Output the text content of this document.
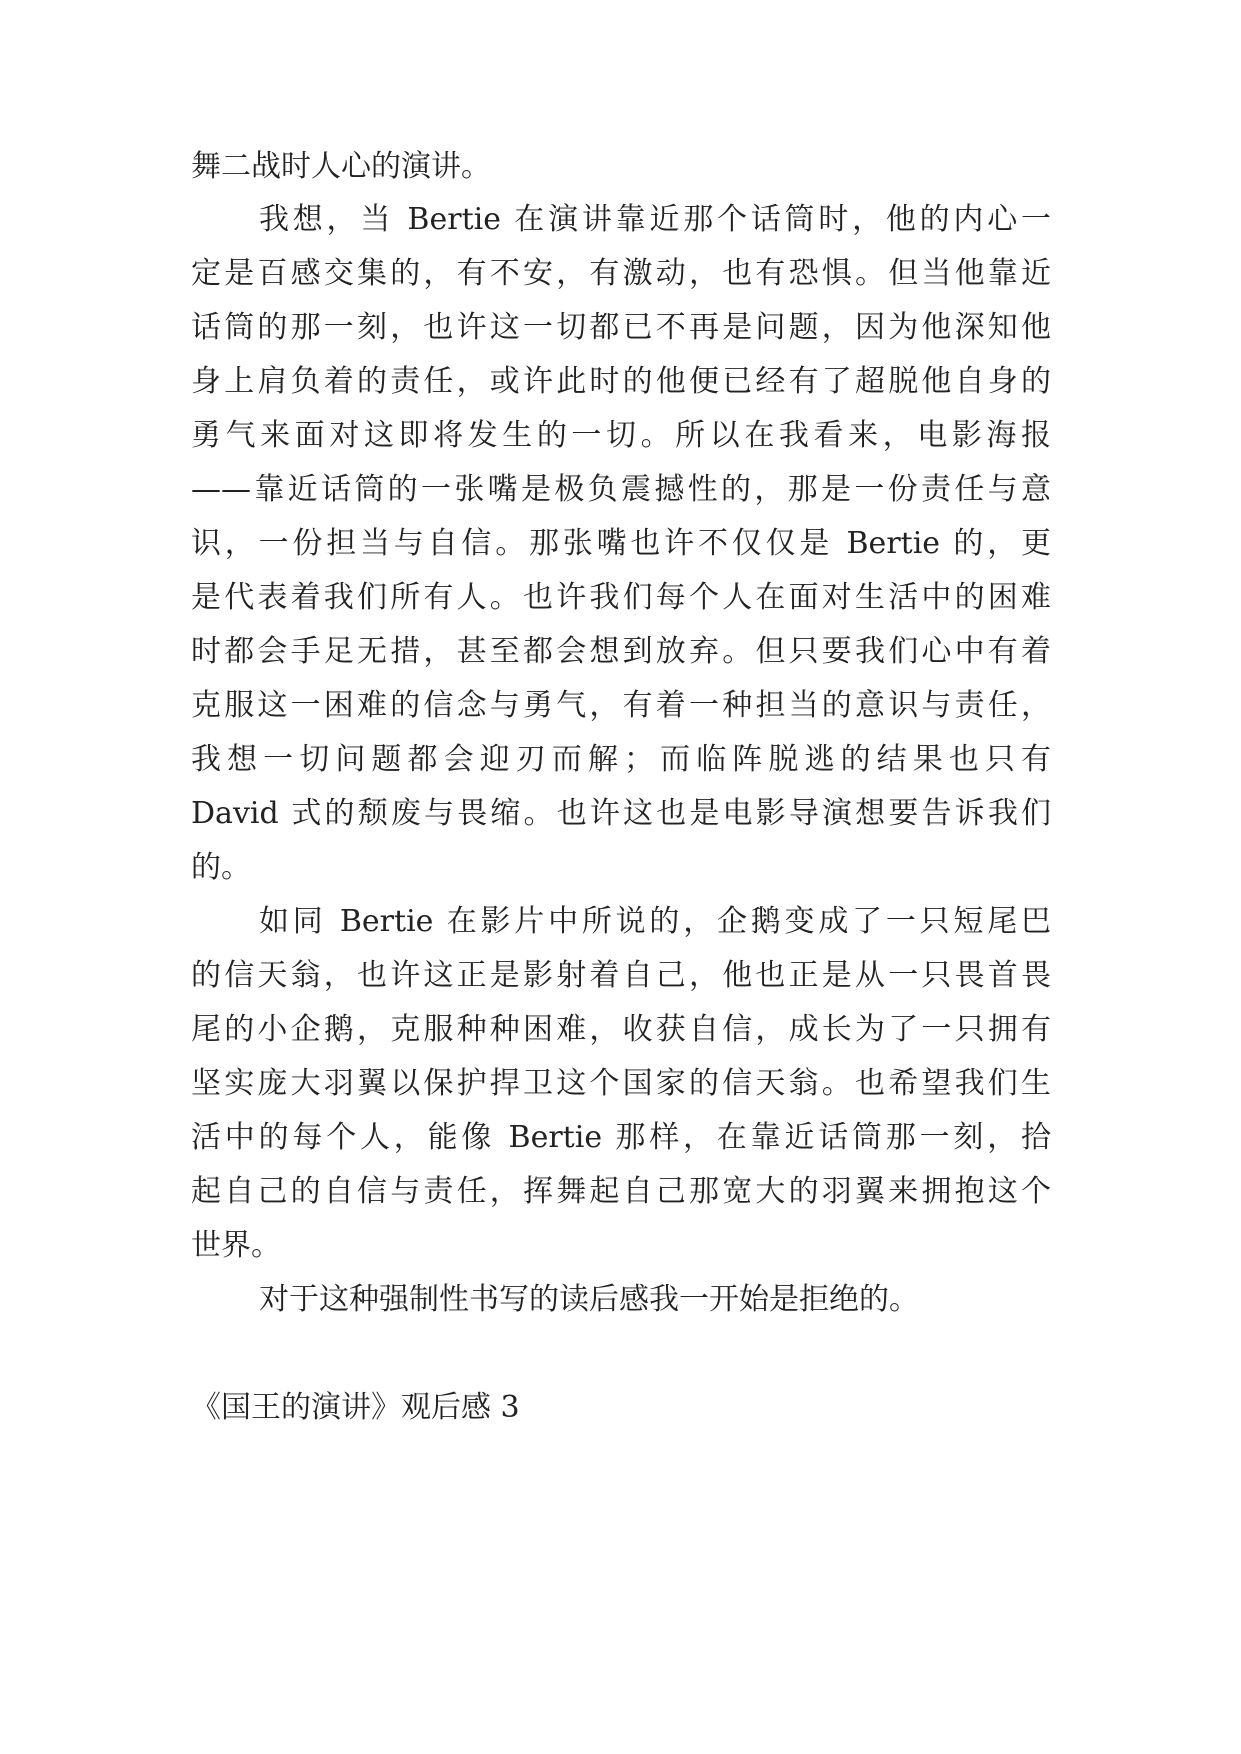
舞二战时人心的演讲。
我想，当 Bertie 在演讲靠近那个话筒时，他的内心一
定是百感交集的，有不安，有激动，也有恐惧。但当他靠近
话筒的那一刻，也许这一切都已不再是问题，因为他深知他
身上肩负着的责任，或许此时的他便已经有了超脱他自身的
勇气来面对这即将发生的一切。所以在我看来，电影海报
——靠近话筒的一张嘴是极负震撼性的，那是一份责任与意
识，一份担当与自信。那张嘴也许不仅仅是 Bertie 的，更
是代表着我们所有人。也许我们每个人在面对生活中的困难
时都会手足无措，甚至都会想到放弃。但只要我们心中有着
克服这一困难的信念与勇气，有着一种担当的意识与责任，
我想一切问题都会迎刃而解；而临阵脱逃的结果也只有
David 式的颓废与畏缩。也许这也是电影导演想要告诉我们
的。
如同 Bertie 在影片中所说的，企鹅变成了一只短尾巴
的信天翁，也许这正是影射着自己，他也正是从一只畏首畏
尾的小企鹅，克服种种困难，收获自信，成长为了一只拥有
坚实庞大羽翼以保护捍卫这个国家的信天翁。也希望我们生
活中的每个人，能像 Bertie 那样，在靠近话筒那一刻，拾
起自己的自信与责任，挥舞起自己那宽大的羽翼来拥抱这个
世界。
对于这种强制性书写的读后感我一开始是拒绝的。
《国王的演讲》观后感 3
